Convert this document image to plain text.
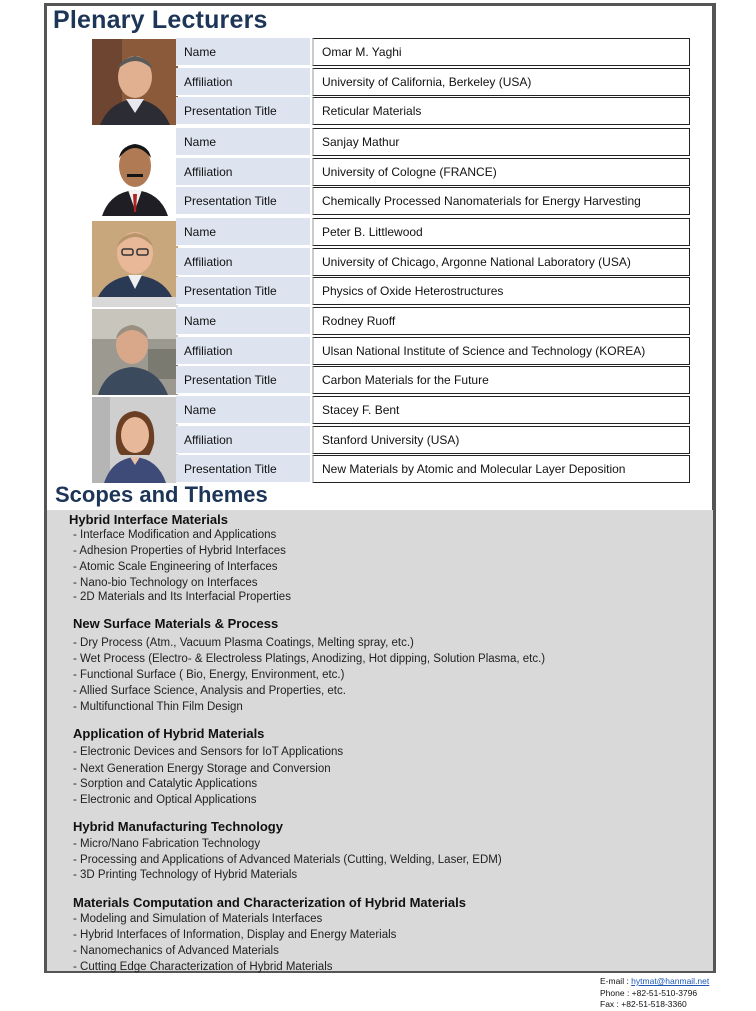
Plenary Lecturers
Name	Omar M. Yaghi
Affiliation	University of California, Berkeley (USA)
Presentation Title	Reticular Materials
Name	Sanjay Mathur
Affiliation	University of Cologne (FRANCE)
Presentation Title	Chemically Processed Nanomaterials for Energy Harvesting
Name	Peter B. Littlewood
Affiliation	University of Chicago, Argonne National Laboratory (USA)
Presentation Title	Physics of Oxide Heterostructures
Name	Rodney Ruoff
Affiliation	Ulsan National Institute of Science and Technology (KOREA)
Presentation Title	Carbon Materials for the Future
Name	Stacey F. Bent
Affiliation	Stanford University (USA)
Presentation Title	New Materials by Atomic and Molecular Layer Deposition
Scopes and Themes
Hybrid Interface Materials
- Interface Modification and Applications
- Adhesion Properties of Hybrid Interfaces
- Atomic Scale Engineering of Interfaces
- Nano-bio Technology on Interfaces
- 2D Materials and Its Interfacial Properties
New Surface Materials & Process
- Dry Process (Atm., Vacuum Plasma Coatings, Melting spray, etc.)
- Wet Process (Electro- & Electroless Platings, Anodizing, Hot dipping, Solution Plasma, etc.)
- Functional Surface ( Bio, Energy, Environment, etc.)
- Allied Surface Science, Analysis and Properties, etc.
- Multifunctional Thin Film Design
Application of Hybrid Materials
- Electronic Devices and Sensors for IoT Applications
- Next Generation Energy Storage and Conversion
- Sorption and Catalytic Applications
- Electronic and Optical Applications
Hybrid Manufacturing Technology
- Micro/Nano Fabrication Technology
- Processing and Applications of Advanced Materials (Cutting, Welding, Laser, EDM)
- 3D Printing Technology of Hybrid Materials
Materials Computation and Characterization of Hybrid Materials
- Modeling and Simulation of Materials Interfaces
- Hybrid Interfaces of Information, Display and Energy Materials
- Nanomechanics of Advanced Materials
- Cutting Edge Characterization of Hybrid Materials
E-mail : hytmat@hanmail.net
Phone : +82-51-510-3796
Fax : +82-51-518-3360
